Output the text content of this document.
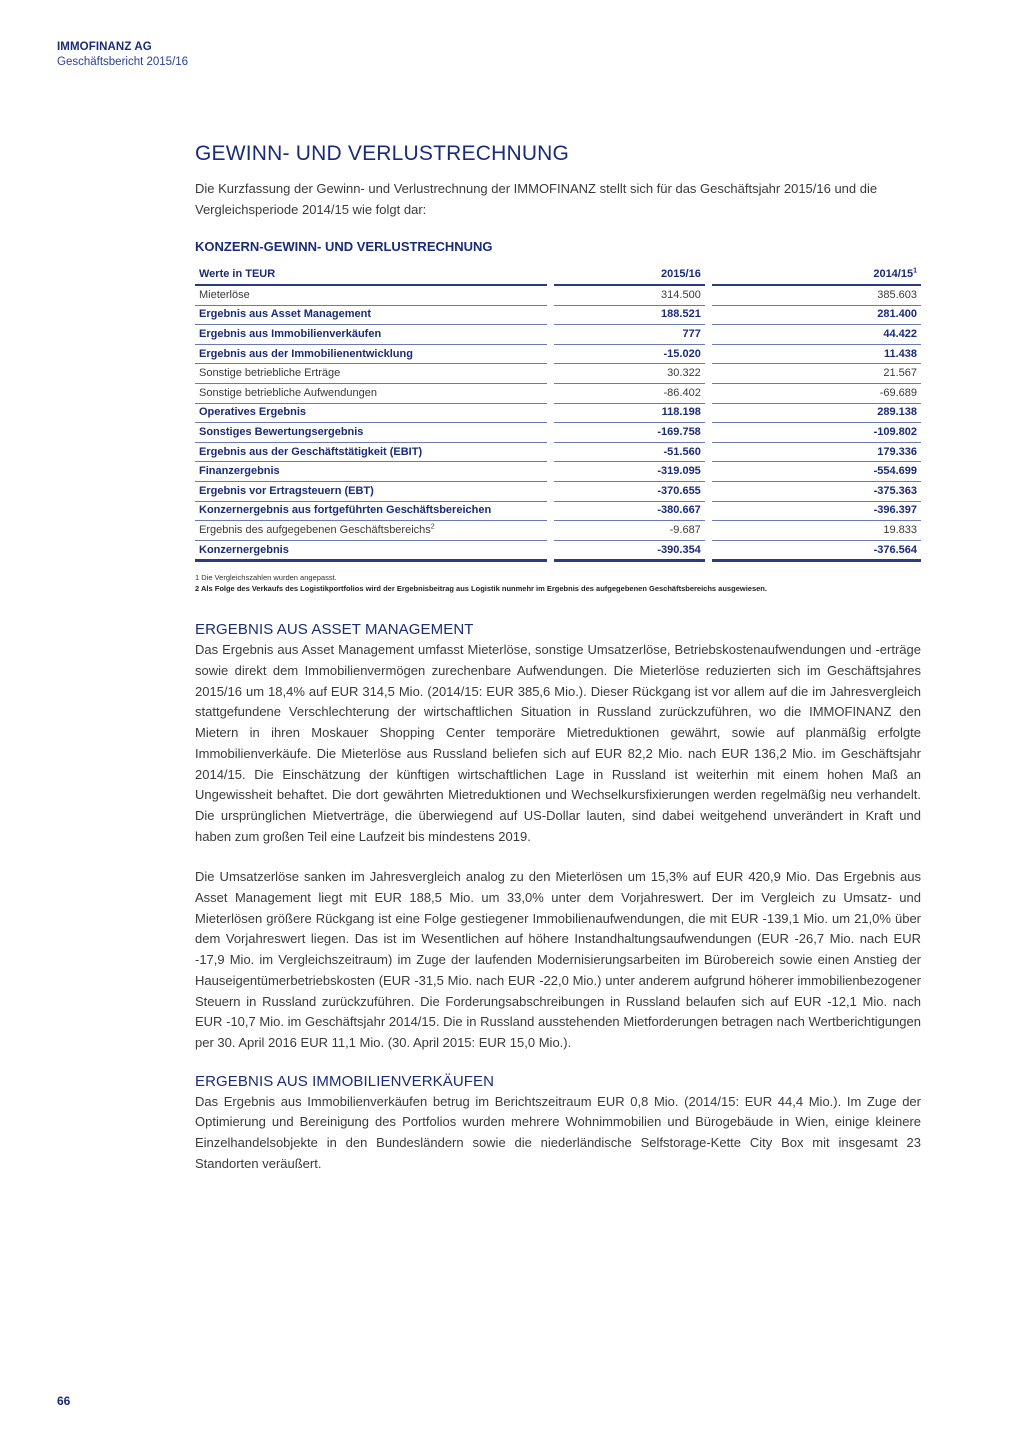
IMMOFINANZ AG
Geschäftsbericht 2015/16
GEWINN- UND VERLUSTRECHNUNG

Die Kurzfassung der Gewinn- und Verlustrechnung der IMMOFINANZ stellt sich für das Geschäftsjahr 2015/16 und die Vergleichsperiode 2014/15 wie folgt dar:

KONZERN-GEWINN- UND VERLUSTRECHNUNG
Werte in TEUR	2015/16	$2014/15^1$
Mieterlöse	314.500	385.603
Ergebnis aus Asset Management	188.521	281.400
Ergebnis aus Immobilienverkäufen	777	44.422
Ergebnis aus der Immobilienentwicklung	-15.020	11.438
Sonstige betriebliche Erträge	30.322	21.567
Sonstige betriebliche Aufwendungen	-86.402	-69.689
Operatives Ergebnis	118.198	289.138
Sonstiges Bewertungsergebnis	-169.758	-109.802
Ergebnis aus der Geschäftstätigkeit (EBIT)	-51.560	179.336
Finanzergebnis	-319.095	-554.699
Ergebnis vor Ertragsteuern (EBT)	-370.655	-375.363
Konzernergebnis aus fortgeführten Geschäftsbereichen	-380.667	-396.397
Ergebnis des aufgegebenen Geschäftsbereichs$^2$	-9.687	19.833
Konzernergebnis	-390.354	-376.564
1 Die Vergleichszahlen wurden angepasst.
2 Als Folge des Verkaufs des Logistikportfolios wird der Ergebnisbeitrag aus Logistik nunmehr im Ergebnis des aufgegebenen Geschäftsbereichs ausgewiesen.
ERGEBNIS AUS ASSET MANAGEMENT

Das Ergebnis aus Asset Management umfasst Mieterlöse, sonstige Umsatzerlöse, Betriebskostenaufwendungen und -erträge sowie direkt dem Immobilienvermögen zurechenbare Aufwendungen. Die Mieterlöse reduzierten sich im Geschäftsjahres 2015/16 um 18,4% auf EUR 314,5 Mio. (2014/15: EUR 385,6 Mio.). Dieser Rückgang ist vor allem auf die im Jahresvergleich stattgefundene Verschlechterung der wirtschaftlichen Situation in Russland zurückzuführen, wo die IMMOFINANZ den Mietern in ihren Moskauer Shopping Center temporäre Mietreduktionen gewährt, sowie auf planmäßig erfolgte Immobilienverkäufe. Die Mieterlöse aus Russland beliefen sich auf EUR 82,2 Mio. nach EUR 136,2 Mio. im Geschäftsjahr 2014/15. Die Einschätzung der künftigen wirtschaftlichen Lage in Russland ist weiterhin mit einem hohen Maß an Ungewissheit behaftet. Die dort gewährten Mietreduktionen und Wechselkursfixierungen werden regelmäßig neu verhandelt. Die ursprünglichen Mietverträge, die überwiegend auf US-Dollar lauten, sind dabei weitgehend unverändert in Kraft und haben zum großen Teil eine Laufzeit bis mindestens 2019.

Die Umsatzerlöse sanken im Jahresvergleich analog zu den Mieterlösen um 15,3% auf EUR 420,9 Mio. Das Ergebnis aus Asset Management liegt mit EUR 188,5 Mio. um 33,0% unter dem Vorjahreswert. Der im Vergleich zu Umsatz- und Mieterlösen größere Rückgang ist eine Folge gestiegener Immobilienaufwendungen, die mit EUR -139,1 Mio. um 21,0% über dem Vorjahreswert liegen. Das ist im Wesentlichen auf höhere Instandhaltungsaufwendungen (EUR -26,7 Mio. nach EUR -17,9 Mio. im Vergleichszeitraum) im Zuge der laufenden Modernisierungsarbeiten im Bürobereich sowie einen Anstieg der Hauseigentümerbetriebskosten (EUR -31,5 Mio. nach EUR -22,0 Mio.) unter anderem aufgrund höherer immobilienbezogener Steuern in Russland zurückzuführen. Die Forderungsabschreibungen in Russland belaufen sich auf EUR -12,1 Mio. nach EUR -10,7 Mio. im Geschäftsjahr 2014/15. Die in Russland ausstehenden Mietforderungen betragen nach Wertberichtigungen per 30. April 2016 EUR 11,1 Mio. (30. April 2015: EUR 15,0 Mio.).

ERGEBNIS AUS IMMOBILIENVERKÄUFEN

Das Ergebnis aus Immobilienverkäufen betrug im Berichtszeitraum EUR 0,8 Mio. (2014/15: EUR 44,4 Mio.). Im Zuge der Optimierung und Bereinigung des Portfolios wurden mehrere Wohnimmobilien und Bürogebäude in Wien, einige kleinere Einzelhandelsobjekte in den Bundesländern sowie die niederländische Selfstorage-Kette City Box mit insgesamt 23 Standorten veräußert.

66
